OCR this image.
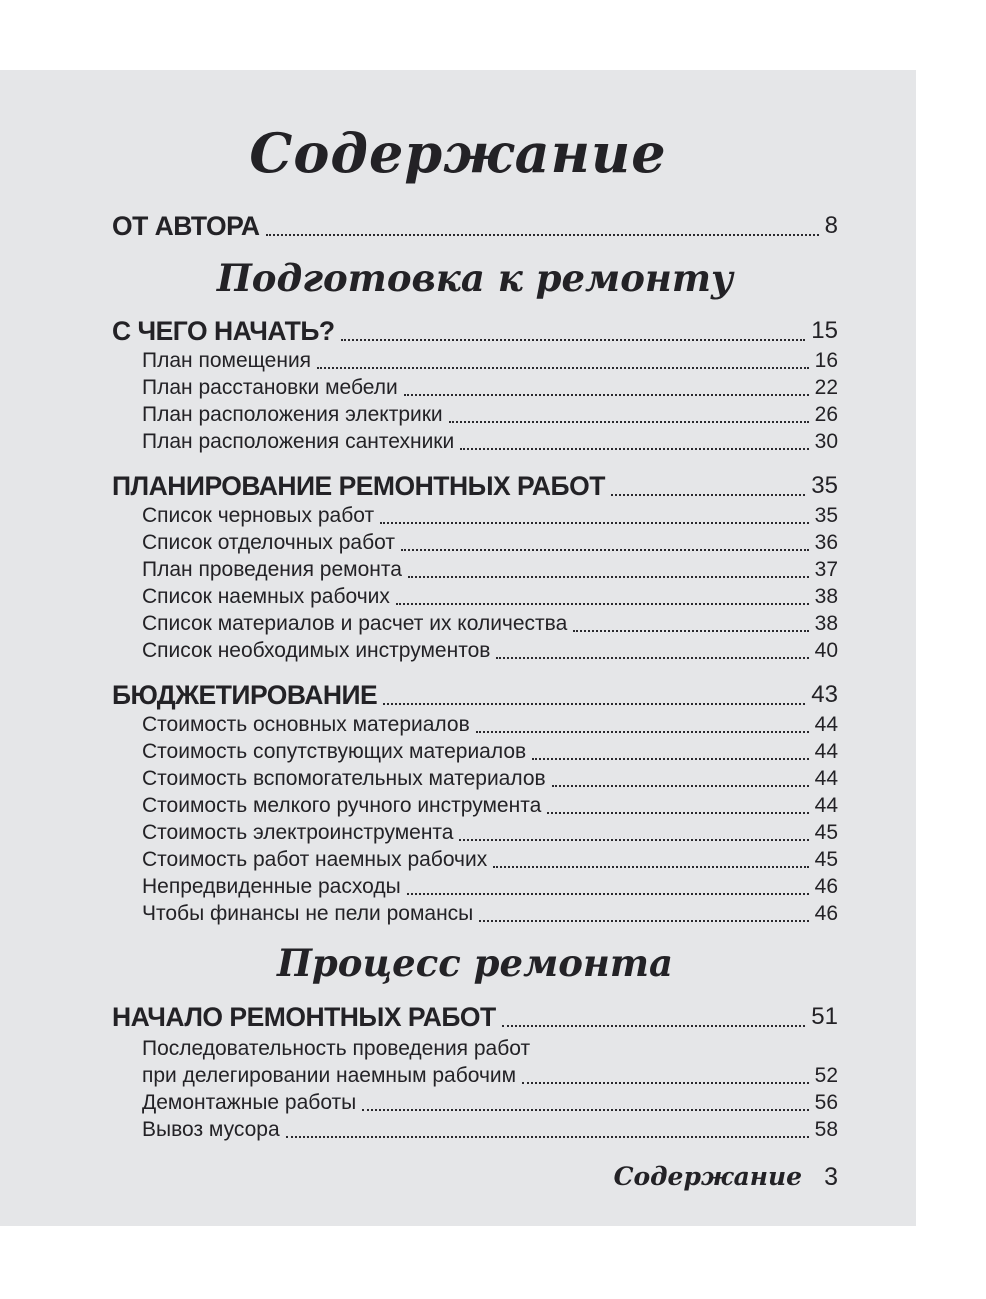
Содержание
ОТ АВТОРА	8
Подготовка к ремонту
С ЧЕГО НАЧАТЬ?	15
План помещения	16
План расстановки мебели	22
План расположения электрики	26
План расположения сантехники	30
ПЛАНИРОВАНИЕ РЕМОНТНЫХ РАБОТ	35
Список черновых работ	35
Список отделочных работ	36
План проведения ремонта	37
Список наемных рабочих	38
Список материалов и расчет их количества	38
Список необходимых инструментов	40
БЮДЖЕТИРОВАНИЕ	43
Стоимость основных материалов	44
Стоимость сопутствующих материалов	44
Стоимость вспомогательных материалов	44
Стоимость мелкого ручного инструмента	44
Стоимость электроинструмента	45
Стоимость работ наемных рабочих	45
Непредвиденные расходы	46
Чтобы финансы не пели романсы	46
Процесс ремонта
НАЧАЛО РЕМОНТНЫХ РАБОТ	51
Последовательность проведения работ
при делегировании наемным рабочим	52
Демонтажные работы	56
Вывоз мусора	58
Содержание 3
